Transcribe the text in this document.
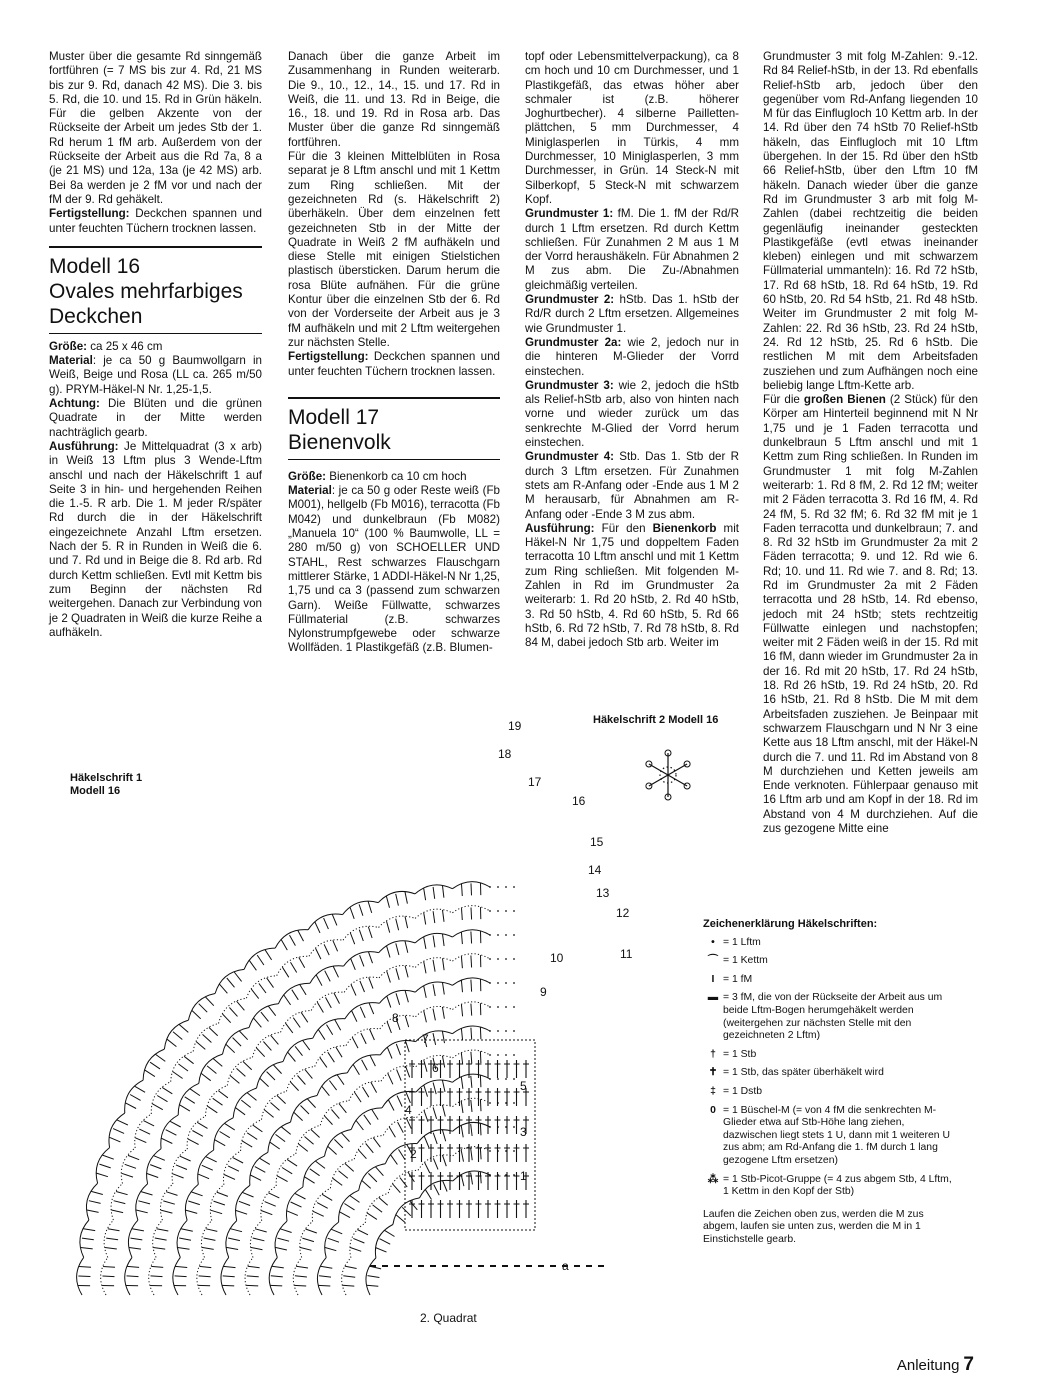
Muster über die gesamte Rd sinngemäß fortführen (= 7 MS bis zur 4. Rd, 21 MS bis zur 9. Rd, danach 42 MS). Die 3. bis 5. Rd, die 10. und 15. Rd in Grün häkeln. Für die gelben Akzente von der Rückseite der Arbeit um jedes Stb der 1. Rd herum 1 fM arb. Außerdem von der Rückseite der Arbeit aus die Rd 7a, 8 a (je 21 MS) und 12a, 13a (je 42 MS) arb. Bei 8a werden je 2 fM vor und nach der fM der 9. Rd gehäkelt.

Fertigstellung: Deckchen spannen und unter feuchten Tüchern trocknen lassen.

Modell 16
Ovales mehrfarbiges
Deckchen

Größe: ca 25 x 46 cm

Material: je ca 50 g Baumwollgarn in Weiß, Beige und Rosa (LL ca. 265 m/50 g). PRYM-Häkel-N Nr. 1,25-1,5.

Achtung: Die Blüten und die grünen Quadrate in der Mitte werden nachträglich gearb.

Ausführung: Je Mittelquadrat (3 x arb) in Weiß 13 Lftm plus 3 Wende-Lftm anschl und nach der Häkelschrift 1 auf Seite 3 in hin- und hergehenden Reihen die 1.-5. R arb. Die 1. M jeder R/später Rd durch die in der Häkelschrift eingezeichnete Anzahl Lftm ersetzen. Nach der 5. R in Runden in Weiß die 6. und 7. Rd und in Beige die 8. Rd arb. Rd durch Kettm schließen. Evtl mit Kettm bis zum Beginn der nächsten Rd weitergehen. Danach zur Verbindung von je 2 Quadraten in Weiß die kurze Reihe a aufhäkeln.

Danach über die ganze Arbeit im Zusammenhang in Runden weiterarb. Die 9., 10., 12., 14., 15. und 17. Rd in Weiß, die 11. und 13. Rd in Beige, die 16., 18. und 19. Rd in Rosa arb. Das Muster über die ganze Rd sinngemäß fortführen.

Für die 3 kleinen Mittelblüten in Rosa separat je 8 Lftm anschl und mit 1 Kettm zum Ring schließen. Mit der gezeichneten Rd (s. Häkelschrift 2) überhäkeln. Über dem einzelnen fett gezeichneten Stb in der Mitte der Quadrate in Weiß 2 fM aufhäkeln und diese Stelle mit einigen Stielstichen plastisch übersticken. Darum herum die rosa Blüte aufnähen. Für die grüne Kontur über die einzelnen Stb der 6. Rd von der Vorderseite der Arbeit aus je 3 fM aufhäkeln und mit 2 Lftm weitergehen zur nächsten Stelle.

Fertigstellung: Deckchen spannen und unter feuchten Tüchern trocknen lassen.

Modell 17
Bienenvolk

Größe: Bienenkorb ca 10 cm hoch

Material: je ca 50 g oder Reste weiß (Fb M001), hellgelb (Fb M016), terracotta (Fb M042) und dunkelbraun (Fb M082) „Manuela 10“ (100 % Baumwolle, LL = 280 m/50 g) von SCHOELLER UND STAHL, Rest schwarzes Flauschgarn mittlerer Stärke, 1 ADDI-Häkel-N Nr 1,25, 1,75 und ca 3 (passend zum schwarzen Garn). Weiße Füllwatte, schwarzes Füllmaterial (z.B. schwarzes Nylonstrumpfgewebe oder schwarze Wollfäden. 1 Plastikgefäß (z.B. Blumen-

topf oder Lebensmittelverpackung), ca 8 cm hoch und 10 cm Durchmesser, und 1 Plastikgefäß, das etwas höher aber schmaler ist (z.B. höherer Joghurtbecher). 4 silberne Pailletten-plättchen, 5 mm Durchmesser, 4 Miniglasperlen in Türkis, 4 mm Durchmesser, 10 Miniglasperlen, 3 mm Durchmesser, in Grün. 14 Steck-N mit Silberkopf, 5 Steck-N mit schwarzem Kopf.

Grundmuster 1: fM. Die 1. fM der Rd/R durch 1 Lftm ersetzen. Rd durch Kettm schließen. Für Zunahmen 2 M aus 1 M der Vorrd heraushäkeln. Für Abnahmen 2 M zus abm. Die Zu-/Abnahmen gleichmäßig verteilen.

Grundmuster 2: hStb. Das 1. hStb der Rd/R durch 2 Lftm ersetzen. Allgemeines wie Grundmuster 1.

Grundmuster 2a: wie 2, jedoch nur in die hinteren M-Glieder der Vorrd einstechen.

Grundmuster 3: wie 2, jedoch die hStb als Relief-hStb arb, also von hinten nach vorne und wieder zurück um das senkrechte M-Glied der Vorrd herum einstechen.

Grundmuster 4: Stb. Das 1. Stb der R durch 3 Lftm ersetzen. Für Zunahmen stets am R-Anfang oder -Ende aus 1 M 2 M herausarb, für Abnahmen am R-Anfang oder -Ende 3 M zus abm.

Ausführung: Für den Bienenkorb mit Häkel-N Nr 1,75 und doppeltem Faden terracotta 10 Lftm anschl und mit 1 Kettm zum Ring schließen. Mit folgenden M-Zahlen in Rd im Grundmuster 2a weiterarb: 1. Rd 20 hStb, 2. Rd 40 hStb, 3. Rd 50 hStb, 4. Rd 60 hStb, 5. Rd 66 hStb, 6. Rd 72 hStb, 7. Rd 78 hStb, 8. Rd 84 M, dabei jedoch Stb arb. Weiter im

Grundmuster 3 mit folg M-Zahlen: 9.-12. Rd 84 Relief-hStb, in der 13. Rd ebenfalls Relief-hStb arb, jedoch über den gegenüber vom Rd-Anfang liegenden 10 M für das Einflugloch 10 Kettm arb. In der 14. Rd über den 74 hStb 70 Relief-hStb häkeln, das Einflugloch mit 10 Lftm übergehen. In der 15. Rd über den hStb 66 Relief-hStb, über den Lftm 10 fM häkeln. Danach wieder über die ganze Rd im Grundmuster 3 arb mit folg M-Zahlen (dabei rechtzeitig die beiden gegenläufig ineinander gesteckten Plastikgefäße (evtl etwas ineinander kleben) einlegen und mit schwarzem Füllmaterial ummanteln): 16. Rd 72 hStb, 17. Rd 68 hStb, 18. Rd 64 hStb, 19. Rd 60 hStb, 20. Rd 54 hStb, 21. Rd 48 hStb. Weiter im Grundmuster 2 mit folg M-Zahlen: 22. Rd 36 hStb, 23. Rd 24 hStb, 24. Rd 12 hStb, 25. Rd 6 hStb. Die restlichen M mit dem Arbeitsfaden zusziehen und zum Aufhängen noch eine beliebig lange Lftm-Kette arb.

Für die großen Bienen (2 Stück) für den Körper am Hinterteil beginnend mit N Nr 1,75 und je 1 Faden terracotta und dunkelbraun 5 Lftm anschl und mit 1 Kettm zum Ring schließen. In Runden im Grundmuster 1 mit folg M-Zahlen weiterarb: 1. Rd 8 fM, 2. Rd 12 fM; weiter mit 2 Fäden terracotta 3. Rd 16 fM, 4. Rd 24 fM, 5. Rd 32 fM; 6. Rd 32 fM mit je 1 Faden terracotta und dunkelbraun; 7. and 8. Rd 32 hStb im Grundmuster 2a mit 2 Fäden terracotta; 9. und 12. Rd wie 6. Rd; 10. und 11. Rd wie 7. and 8. Rd; 13. Rd im Grundmuster 2a mit 2 Fäden terracotta und 28 hStb, 14. Rd ebenso, jedoch mit 24 hStb; stets rechtzeitig Füllwatte einlegen und nachstopfen; weiter mit 2 Fäden weiß in der 15. Rd mit 16 fM, dann wieder im Grundmuster 2a in der 16. Rd mit 20 hStb, 17. Rd 24 hStb, 18. Rd 26 hStb, 19. Rd 24 hStb, 20. Rd 16 hStb, 21. Rd 8 hStb. Die M mit dem Arbeitsfaden zusziehen. Je Beinpaar mit schwarzem Flauschgarn und N Nr 3 eine Kette aus 18 Lftm anschl, mit der Häkel-N durch die 7. und 11. Rd im Abstand von 8 M durchziehen und Ketten jeweils am Ende verknoten. Fühlerpaar genauso mit 16 Lftm arb und am Kopf in der 18. Rd im Abstand von 4 M durchziehen. Auf die zus gezogene Mitte eine

Häkelschrift 1
Modell 16
Häkelschrift 2 Modell 16
19
18
17
16
15
14
13
12
11
10
9
8
7
6
5
4
3
2
1
a
2. Quadrat
Zeichenerklärung Häkelschriften:
• = 1 Lftm
⌒ = 1 Kettm
I = 1 fM
▬ = 3 fM, die von der Rückseite der Arbeit aus um beide Lftm-Bogen herumgehäkelt werden (weitergehen zur nächsten Stelle mit den gezeichneten 2 Lftm)
† = 1 Stb
✝ = 1 Stb, das später überhäkelt wird
‡ = 1 Dstb
0 = 1 Büschel-M (= von 4 fM die senkrechten M-Glieder etwa auf Stb-Höhe lang ziehen, dazwischen liegt stets 1 U, dann mit 1 weiteren U zus abm; am Rd-Anfang die 1. fM durch 1 lang gezogene Lftm ersetzen)
⁂ = 1 Stb-Picot-Gruppe (= 4 zus abgem Stb, 4 Lftm, 1 Kettm in den Kopf der Stb)
Laufen die Zeichen oben zus, werden die M zus abgem, laufen sie unten zus, werden die M in 1 Einstichstelle gearb.
Anleitung 7
